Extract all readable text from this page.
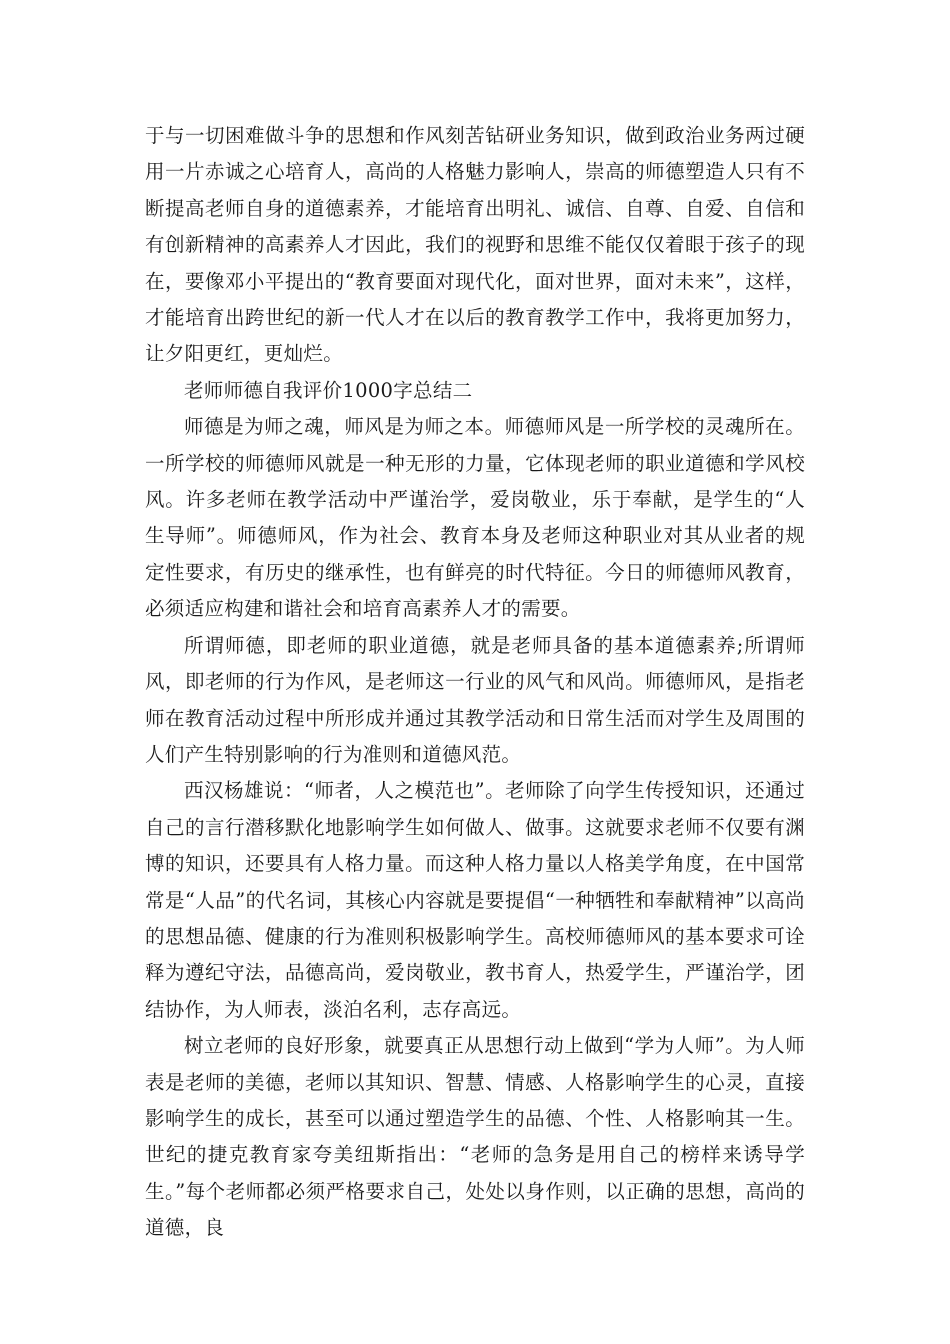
于与一切困难做斗争的思想和作风刻苦钻研业务知识，做到政治业务两过硬用一片赤诚之心培育人，高尚的人格魅力影响人，崇高的师德塑造人只有不断提高老师自身的道德素养，才能培育出明礼、诚信、自尊、自爱、自信和有创新精神的高素养人才因此，我们的视野和思维不能仅仅着眼于孩子的现在，要像邓小平提出的“教育要面对现代化，面对世界，面对未来”，这样，才能培育出跨世纪的新一代人才在以后的教育教学工作中，我将更加努力，让夕阳更红，更灿烂。

老师师德自我评价1000字总结二

师德是为师之魂，师风是为师之本。师德师风是一所学校的灵魂所在。一所学校的师德师风就是一种无形的力量，它体现老师的职业道德和学风校风。许多老师在教学活动中严谨治学，爱岗敬业，乐于奉献，是学生的“人生导师”。师德师风，作为社会、教育本身及老师这种职业对其从业者的规定性要求，有历史的继承性，也有鲜亮的时代特征。今日的师德师风教育，必须适应构建和谐社会和培育高素养人才的需要。

所谓师德，即老师的职业道德，就是老师具备的基本道德素养;所谓师风，即老师的行为作风，是老师这一行业的风气和风尚。师德师风，是指老师在教育活动过程中所形成并通过其教学活动和日常生活而对学生及周围的人们产生特别影响的行为准则和道德风范。

西汉杨雄说：“师者，人之模范也”。老师除了向学生传授知识，还通过自己的言行潜移默化地影响学生如何做人、做事。这就要求老师不仅要有渊博的知识，还要具有人格力量。而这种人格力量以人格美学角度，在中国常常是“人品”的代名词，其核心内容就是要提倡“一种牺牲和奉献精神”以高尚的思想品德、健康的行为准则积极影响学生。高校师德师风的基本要求可诠释为遵纪守法，品德高尚，爱岗敬业，教书育人，热爱学生，严谨治学，团结协作，为人师表，淡泊名利，志存高远。

树立老师的良好形象，就要真正从思想行动上做到“学为人师”。为人师表是老师的美德，老师以其知识、智慧、情感、人格影响学生的心灵，直接影响学生的成长，甚至可以通过塑造学生的品德、个性、人格影响其一生。世纪的捷克教育家夸美纽斯指出：“老师的急务是用自己的榜样来诱导学生。”每个老师都必须严格要求自己，处处以身作则，以正确的思想，高尚的道德，良
